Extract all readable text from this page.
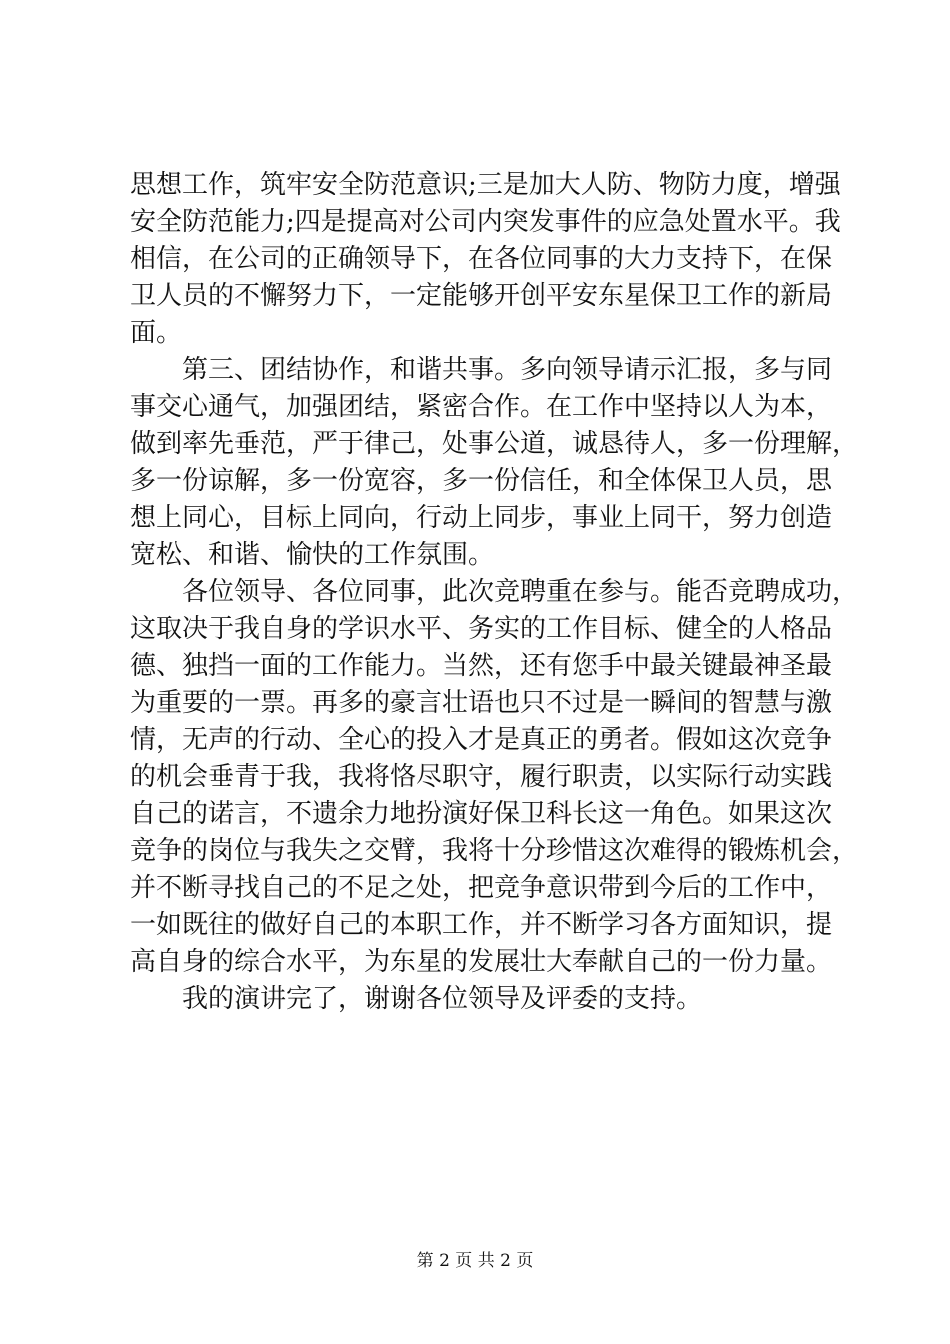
思想工作，筑牢安全防范意识;三是加大人防、物防力度，增强
安全防范能力;四是提高对公司内突发事件的应急处置水平。我
相信，在公司的正确领导下，在各位同事的大力支持下，在保
卫人员的不懈努力下，一定能够开创平安东星保卫工作的新局
面。
　　第三、团结协作，和谐共事。多向领导请示汇报，多与同
事交心通气，加强团结，紧密合作。在工作中坚持以人为本，
做到率先垂范，严于律己，处事公道，诚恳待人，多一份理解，
多一份谅解，多一份宽容，多一份信任，和全体保卫人员，思
想上同心，目标上同向，行动上同步，事业上同干，努力创造
宽松、和谐、愉快的工作氛围。
　　各位领导、各位同事，此次竞聘重在参与。能否竞聘成功，
这取决于我自身的学识水平、务实的工作目标、健全的人格品
德、独挡一面的工作能力。当然，还有您手中最关键最神圣最
为重要的一票。再多的豪言壮语也只不过是一瞬间的智慧与激
情，无声的行动、全心的投入才是真正的勇者。假如这次竞争
的机会垂青于我，我将恪尽职守，履行职责，以实际行动实践
自己的诺言，不遗余力地扮演好保卫科长这一角色。如果这次
竞争的岗位与我失之交臂，我将十分珍惜这次难得的锻炼机会，
并不断寻找自己的不足之处，把竞争意识带到今后的工作中，
一如既往的做好自己的本职工作，并不断学习各方面知识，提
高自身的综合水平，为东星的发展壮大奉献自己的一份力量。
　　我的演讲完了，谢谢各位领导及评委的支持。
第 2 页 共 2 页
